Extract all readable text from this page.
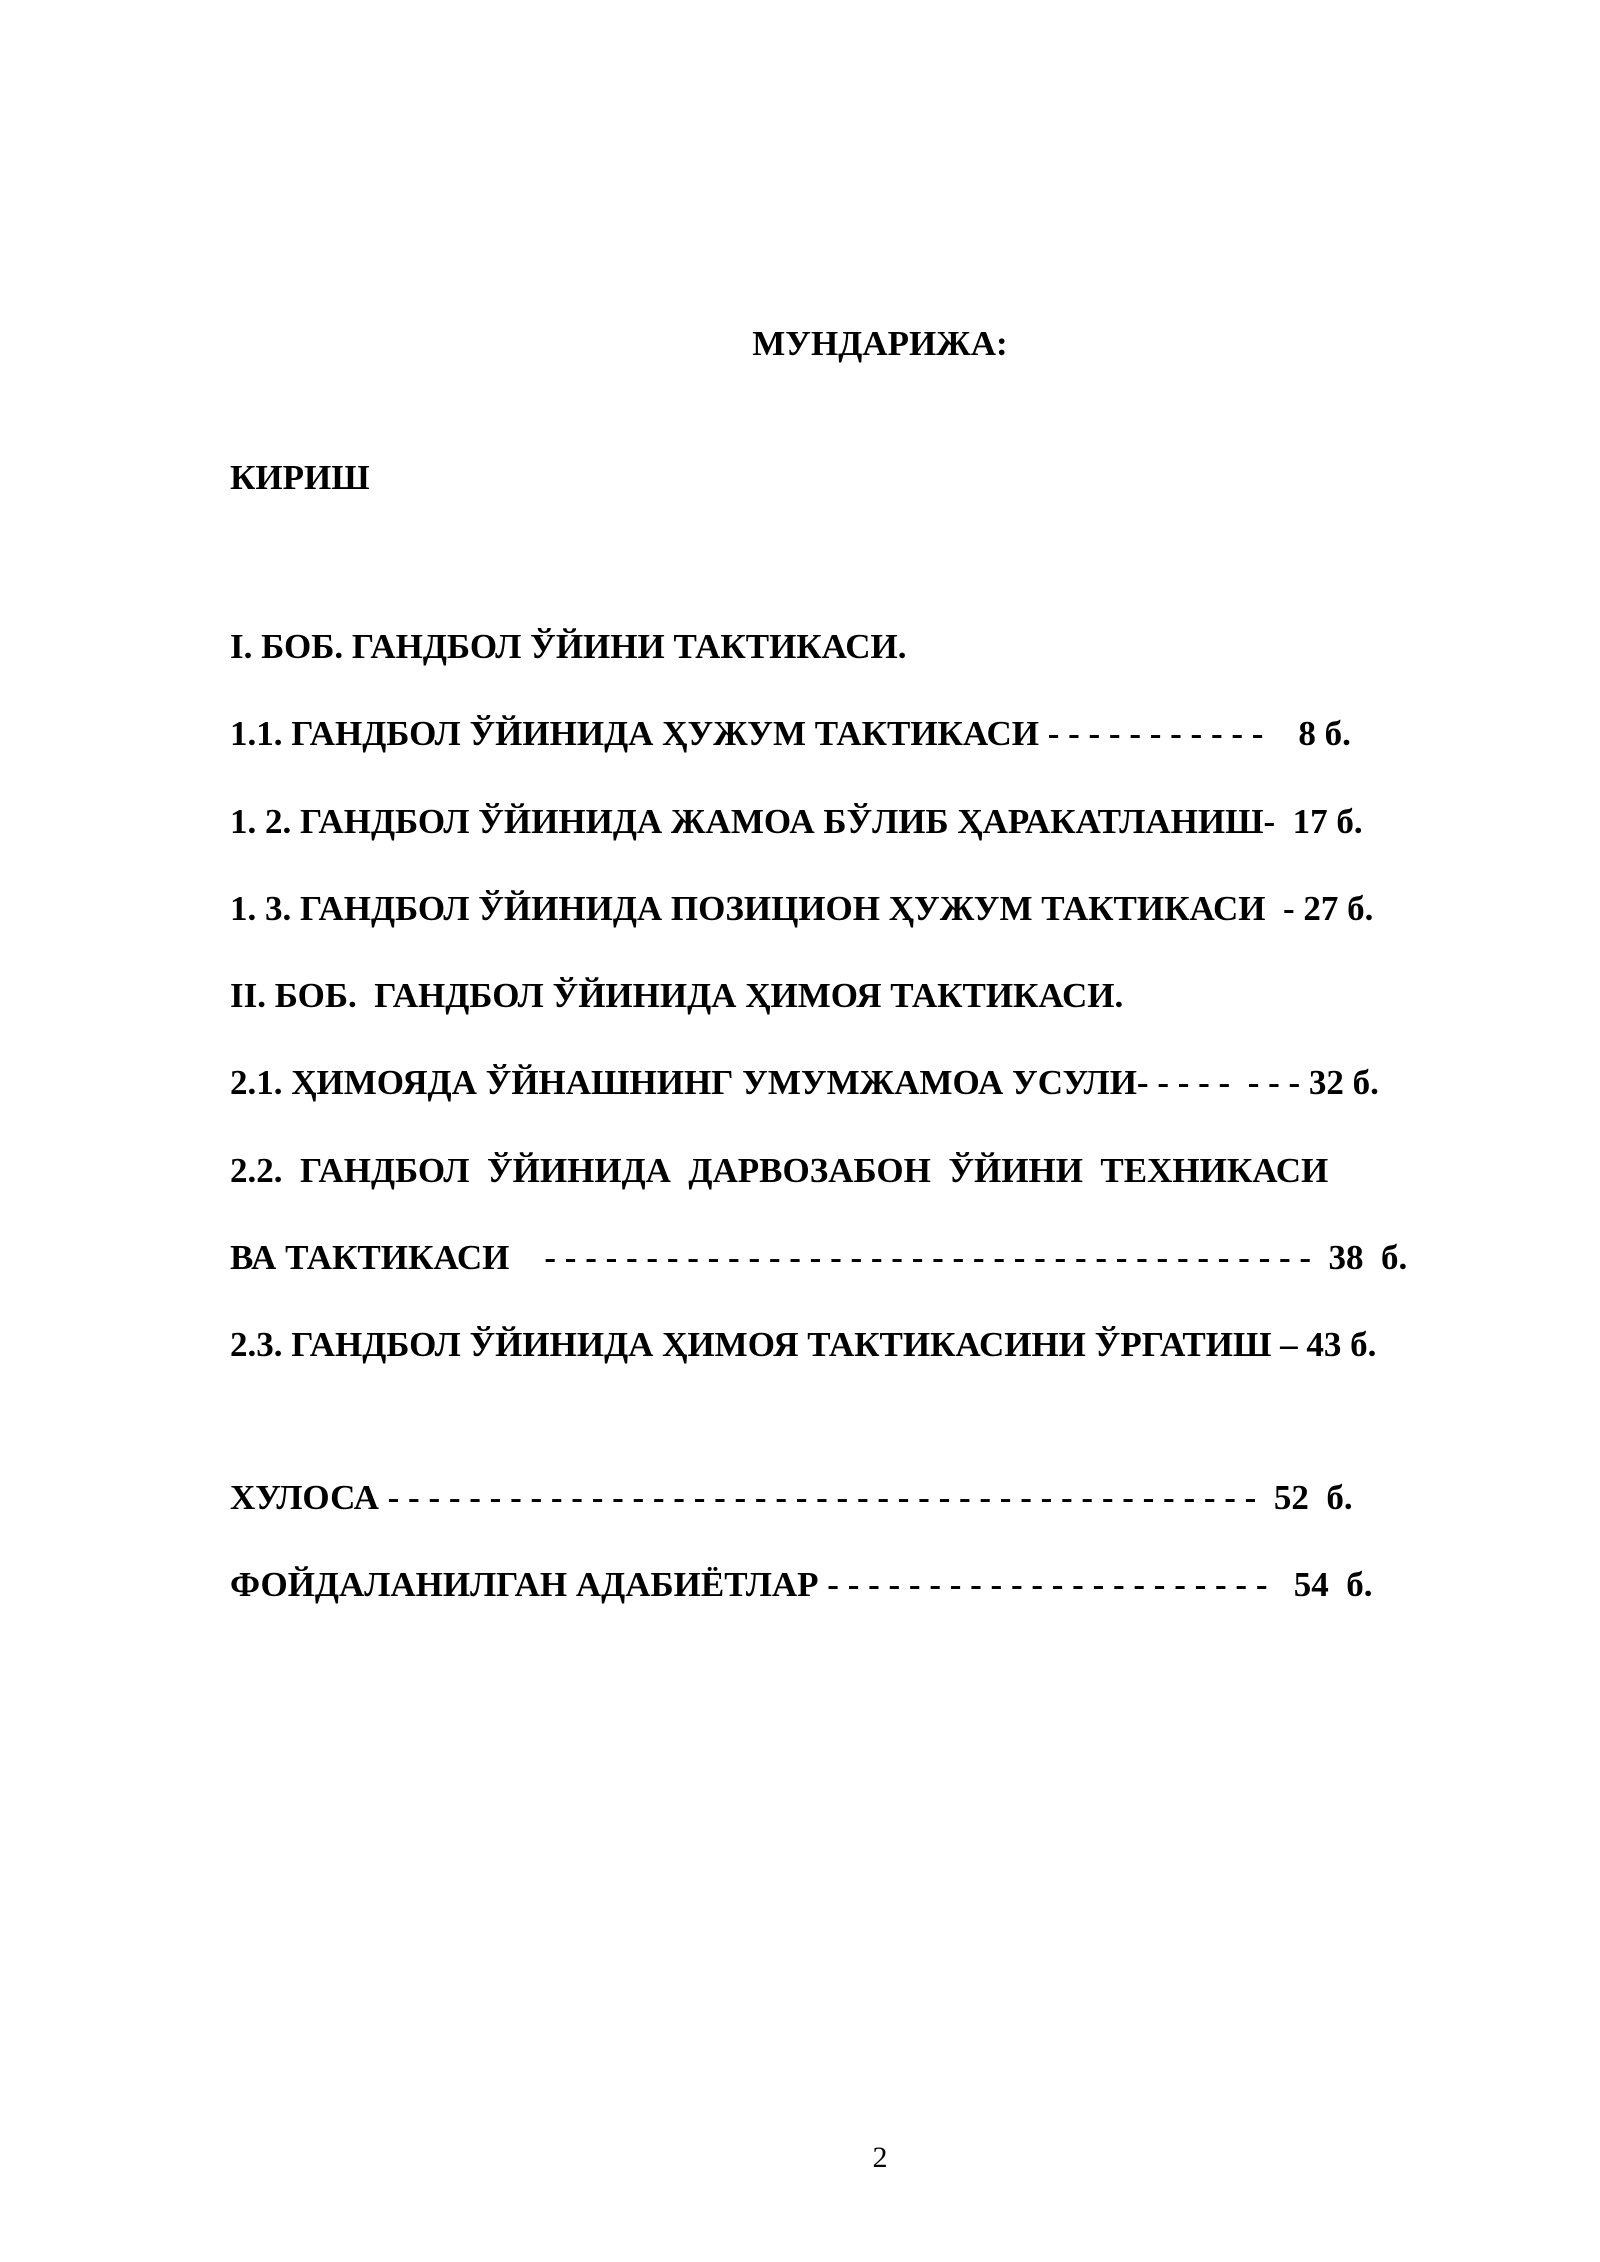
МУНДАРИЖА:
КИРИШ
I. БОБ. ГАНДБОЛ ЎЙИНИ ТАКТИКАСИ.
1.1. ГАНДБОЛ ЎЙИНИДА ҲУЖУМ ТАКТИКАСИ - - - - - - - - - - -    8 б.
1. 2. ГАНДБОЛ ЎЙИНИДА ЖАМОА БЎЛИБ ҲАРАКАТЛАНИШ-  17 б.
1. 3. ГАНДБОЛ ЎЙИНИДА ПОЗИЦИОН ҲУЖУМ ТАКТИКАСИ  - 27 б.
II. БОБ.  ГАНДБОЛ ЎЙИНИДА ҲИМОЯ ТАКТИКАСИ.
2.1. ҲИМОЯДА ЎЙНАШНИНГ УМУМЖАМОА УСУЛИ- - - - -  - - - 32 б.
2.2.  ГАНДБОЛ  ЎЙИНИДА  ДАРВОЗАБОН  ЎЙИНИ  ТЕХНИКАСИ
ВА ТАКТИКАСИ    - - - - - - - - - - - - - - - - - - - - - - - - - - - - - - - - - - - - - -  38  б.
2.3. ГАНДБОЛ ЎЙИНИДА ҲИМОЯ ТАКТИКАСИНИ ЎРГАТИШ – 43 б.
ХУЛОСА - - - - - - - - - - - - - - - - - - - - - - - - - - - - - - - - - - - - - - - - - - -  52  б.
ФОЙДАЛАНИЛГАН АДАБИЁТЛАР - - - - - - - - - - - - - - - - - - - - - -   54  б.
2
